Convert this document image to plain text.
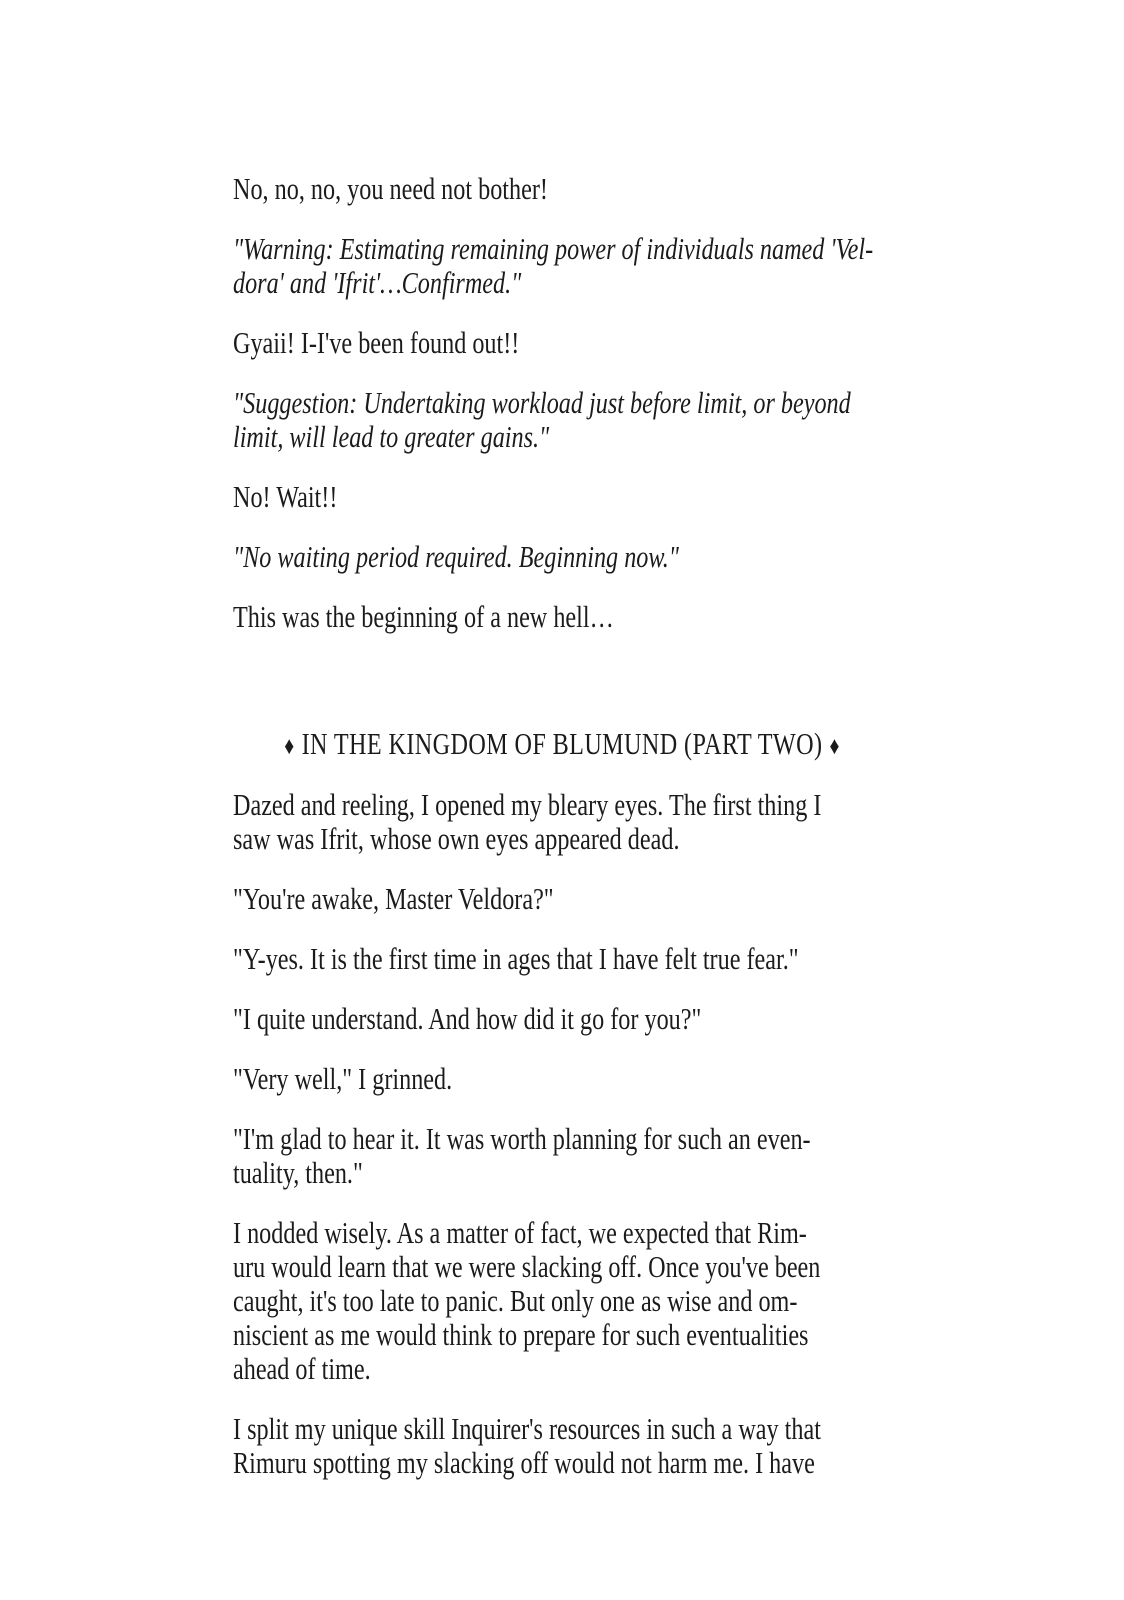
No, no, no, you need not bother!
"Warning: Estimating remaining power of individuals named 'Vel-
dora' and 'Ifrit'…Confirmed."
Gyaii! I-I've been found out!!
"Suggestion: Undertaking workload just before limit, or beyond
limit, will lead to greater gains."
No! Wait!!
"No waiting period required. Beginning now."
This was the beginning of a new hell…
♦ IN THE KINGDOM OF BLUMUND (PART TWO) ♦
Dazed and reeling, I opened my bleary eyes. The first thing I
saw was Ifrit, whose own eyes appeared dead.
"You're awake, Master Veldora?"
"Y-yes. It is the first time in ages that I have felt true fear."
"I quite understand. And how did it go for you?"
"Very well," I grinned.
"I'm glad to hear it. It was worth planning for such an even-
tuality, then."
I nodded wisely. As a matter of fact, we expected that Rim-
uru would learn that we were slacking off. Once you've been
caught, it's too late to panic. But only one as wise and om-
niscient as me would think to prepare for such eventualities
ahead of time.
I split my unique skill Inquirer's resources in such a way that
Rimuru spotting my slacking off would not harm me. I have
